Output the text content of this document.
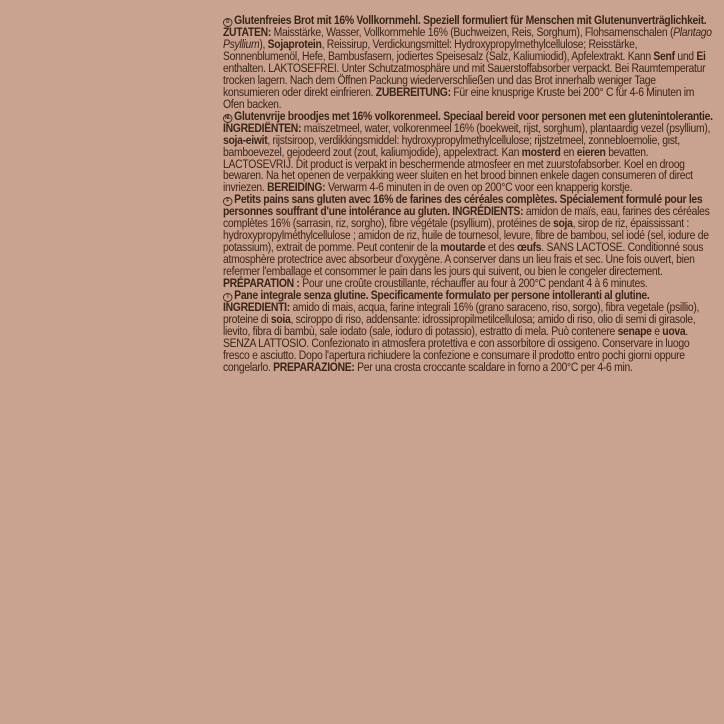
D Glutenfreies Brot mit 16% Vollkornmehl. Speziell formuliert für Menschen mit Glutenunverträglichkeit. ZUTATEN: Maisstärke, Wasser, Vollkornmehle 16% (Buchweizen, Reis, Sorghum), Flohsamenschalen (Plantago Psyllium), Sojaprotein, Reissirup, Verdickungsmittel: Hydroxypropylmethylcellulose; Reisstärke, Sonnenblumenöl, Hefe, Bambusfasern, jodiertes Speisesalz (Salz, Kaliumiodid), Apfelextrakt. Kann Senf und Ei enthalten. LAKTOSEFREI. Unter Schutzatmosphäre und mit Sauerstoffabsorber verpackt. Bei Raumtemperatur trocken lagern. Nach dem Öffnen Packung wiederverschließen und das Brot innerhalb weniger Tage konsumieren oder direkt einfrieren. ZUBEREITUNG: Für eine knusprige Kruste bei 200° C für 4-6 Minuten im Ofen backen.
NL Glutenvrije broodjes met 16% volkorenmeel. Speciaal bereid voor personen met een glutenintolerantie. INGREDIËNTEN: maïszetmeel, water, volkorenmeel 16% (boekweit, rijst, sorghum), plantaardig vezel (psyllium), soja-eiwit, rijstsiroop, verdikkingsmiddel: hydroxypropylmethylcellulose; rijstzetmeel, zonnebloemolie, gist, bamboevezel, gejodeerd zout (zout, kaliumjodide), appelextract. Kan mosterd en eieren bevatten. LACTOSEVRIJ. Dit product is verpakt in beschermende atmosfeer en met zuurstofabsorber. Koel en droog bewaren. Na het openen de verpakking weer sluiten en het brood binnen enkele dagen consumeren of direct invriezen. BEREIDING: Verwarm 4-6 minuten in de oven op 200°C voor een knapperig korstje.
F Petits pains sans gluten avec 16% de farines des céréales complètes. Spécialement formulé pour les personnes souffrant d'une intolérance au gluten. INGRÉDIENTS: amidon de maïs, eau, farines des céréales complètes 16% (sarrasin, riz, sorgho), fibre végétale (psyllium), protéines de soja, sirop de riz, épaississant : hydroxypropylméthylcellulose ; amidon de riz, huile de tournesol, levure, fibre de bambou, sel iodé (sel, iodure de potassium), extrait de pomme. Peut contenir de la moutarde et des œufs. SANS LACTOSE. Conditionné sous atmosphère protectrice avec absorbeur d'oxygène. A conserver dans un lieu frais et sec. Une fois ouvert, bien refermer l'emballage et consommer le pain dans les jours qui suivent, ou bien le congeler directement. PRÉPARATION : Pour une croûte croustillante, réchauffer au four à 200°C pendant 4 à 6 minutes.
I Pane integrale senza glutine. Specificamente formulato per persone intolleranti al glutine. INGREDIENTI: amido di mais, acqua, farine integrali 16% (grano saraceno, riso, sorgo), fibra vegetale (psillio), proteine di soia, sciroppo di riso, addensante: idrossipropilmetilcellulosa; amido di riso, olio di semi di girasole, lievito, fibra di bambù, sale iodato (sale, ioduro di potassio), estratto di mela. Può contenere senape e uova. SENZA LATTOSIO. Confezionato in atmosfera protettiva e con assorbitore di ossigeno. Conservare in luogo fresco e asciutto. Dopo l'apertura richiudere la confezione e consumare il prodotto entro pochi giorni oppure congelarlo. PREPARAZIONE: Per una crosta croccante scaldare in forno a 200°C per 4-6 min.
